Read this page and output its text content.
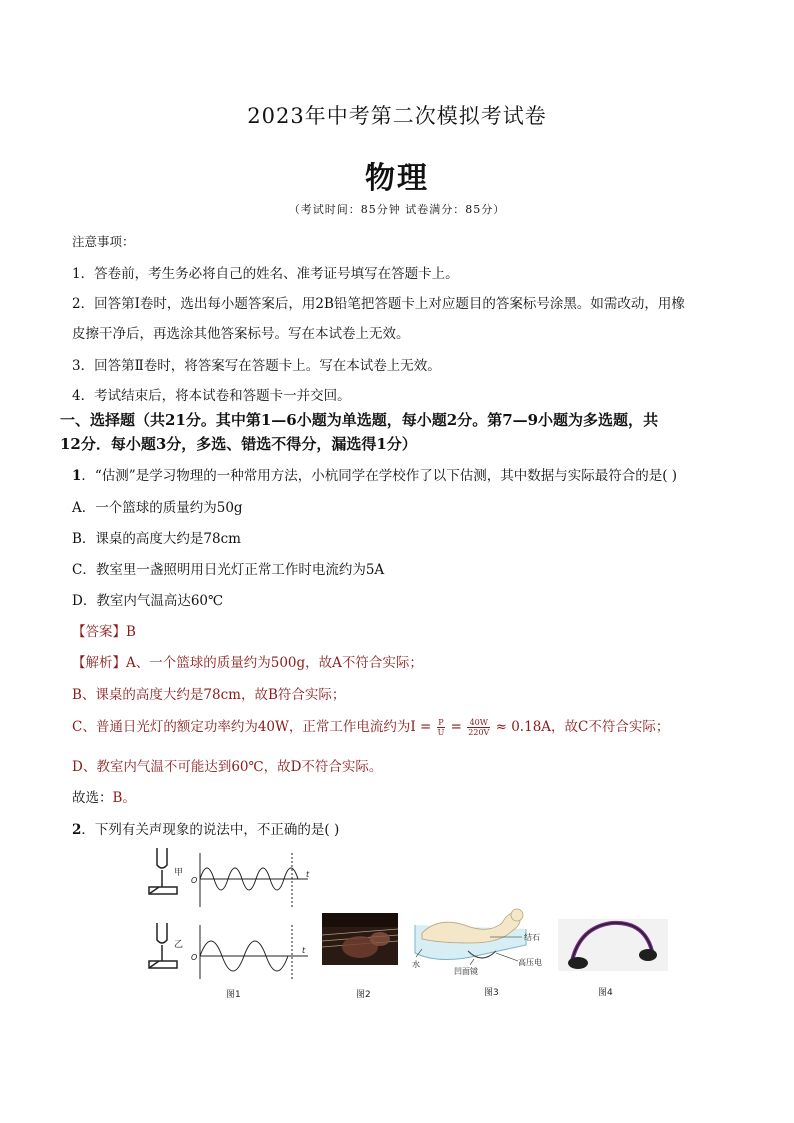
2023年中考第二次模拟考试卷
物理
（考试时间：85分钟 试卷满分：85分）
注意事项：
1．答卷前，考生务必将自己的姓名、准考证号填写在答题卡上。
2．回答第Ⅰ卷时，选出每小题答案后，用2B铅笔把答题卡上对应题目的答案标号涂黑。如需改动，用橡
皮擦干净后，再选涂其他答案标号。写在本试卷上无效。
3．回答第Ⅱ卷时，将答案写在答题卡上。写在本试卷上无效。
4．考试结束后，将本试卷和答题卡一并交回。
一、选择题（共21分。其中第1—6小题为单选题，每小题2分。第7—9小题为多选题，共
12分．每小题3分，多选、错选不得分，漏选得1分）
1．“估测”是学习物理的一种常用方法，小杭同学在学校作了以下估测，其中数据与实际最符合的是( )
A．一个篮球的质量约为50g
B．课桌的高度大约是78cm
C．教室里一盏照明用日光灯正常工作时电流约为5A
D．教室内气温高达60℃
【答案】B
【解析】A、一个篮球的质量约为500g，故A不符合实际；
B、课桌的高度大约是78cm，故B符合实际；
C、普通日光灯的额定功率约为40W，正常工作电流约为$I = \frac{P}{U} = \frac{40W}{220V} \approx 0.18A$，故C不符合实际；
D、教室内气温不可能达到60℃，故D不符合实际。
故选：B。
2．下列有关声现象的说法中，不正确的是( )
甲	t
O
乙
t
O
图1	图2
结石
水
凹面镜
高压电
图3	图4
